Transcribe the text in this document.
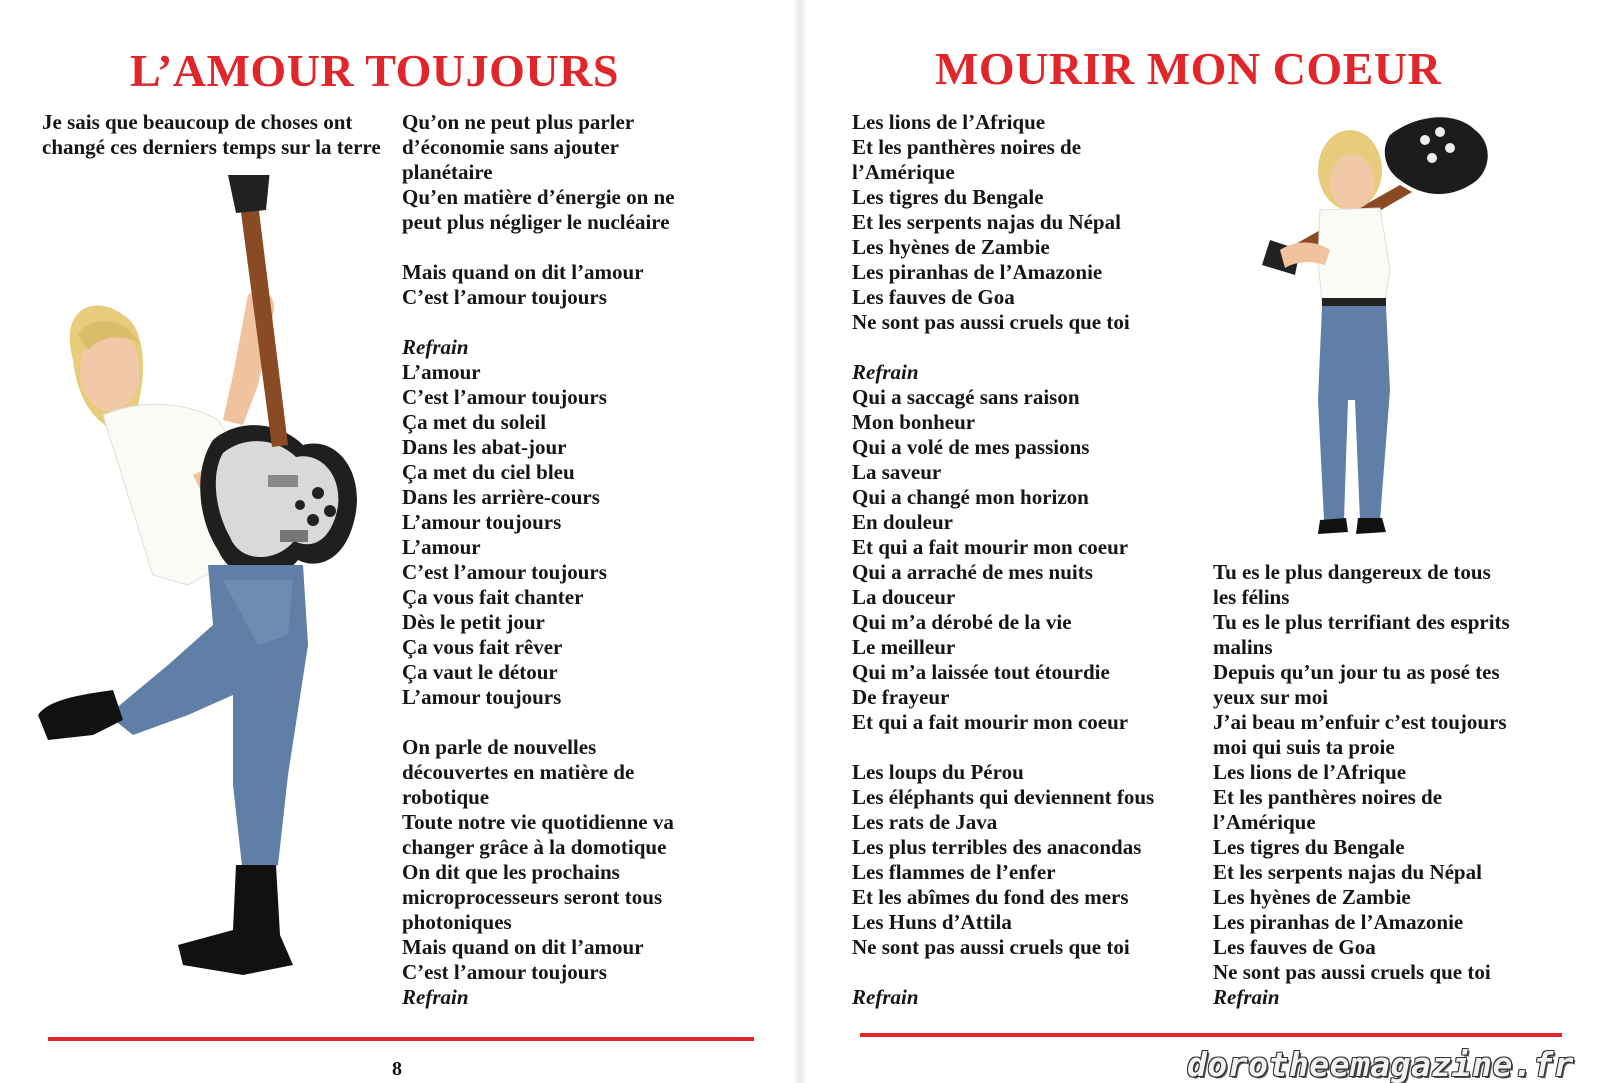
L’AMOUR TOUJOURS
Je sais que beaucoup de choses ont changé ces derniers temps sur la terre
Qu’on ne peut plus parler
d’économie sans ajouter
planétaire
Qu’en matière d’énergie on ne
peut plus négliger le nucléaire
Mais quand on dit l’amour
C’est l’amour toujours
Refrain
L’amour
C’est l’amour toujours
Ça met du soleil
Dans les abat-jour
Ça met du ciel bleu
Dans les arrière-cours
L’amour toujours
L’amour
C’est l’amour toujours
Ça vous fait chanter
Dès le petit jour
Ça vous fait rêver
Ça vaut le détour
L’amour toujours
On parle de nouvelles
découvertes en matière de
robotique
Toute notre vie quotidienne va
changer grâce à la domotique
On dit que les prochains
microprocesseurs seront tous
photoniques
Mais quand on dit l’amour
C’est l’amour toujours
Refrain
8
MOURIR MON COEUR
Les lions de l’Afrique
Et les panthères noires de
l’Amérique
Les tigres du Bengale
Et les serpents najas du Népal
Les hyènes de Zambie
Les piranhas de l’Amazonie
Les fauves de Goa
Ne sont pas aussi cruels que toi
Refrain
Qui a saccagé sans raison
Mon bonheur
Qui a volé de mes passions
La saveur
Qui a changé mon horizon
En douleur
Et qui a fait mourir mon coeur
Qui a arraché de mes nuits
La douceur
Qui m’a dérobé de la vie
Le meilleur
Qui m’a laissée tout étourdie
De frayeur
Et qui a fait mourir mon coeur
Les loups du Pérou
Les éléphants qui deviennent fous
Les rats de Java
Les plus terribles des anacondas
Les flammes de l’enfer
Et les abîmes du fond des mers
Les Huns d’Attila
Ne sont pas aussi cruels que toi
Refrain
Tu es le plus dangereux de tous
les félins
Tu es le plus terrifiant des esprits
malins
Depuis qu’un jour tu as posé tes
yeux sur moi
J’ai beau m’enfuir c’est toujours
moi qui suis ta proie
Les lions de l’Afrique
Et les panthères noires de
l’Amérique
Les tigres du Bengale
Et les serpents najas du Népal
Les hyènes de Zambie
Les piranhas de l’Amazonie
Les fauves de Goa
Ne sont pas aussi cruels que toi
Refrain
dorotheemagazine.fr
